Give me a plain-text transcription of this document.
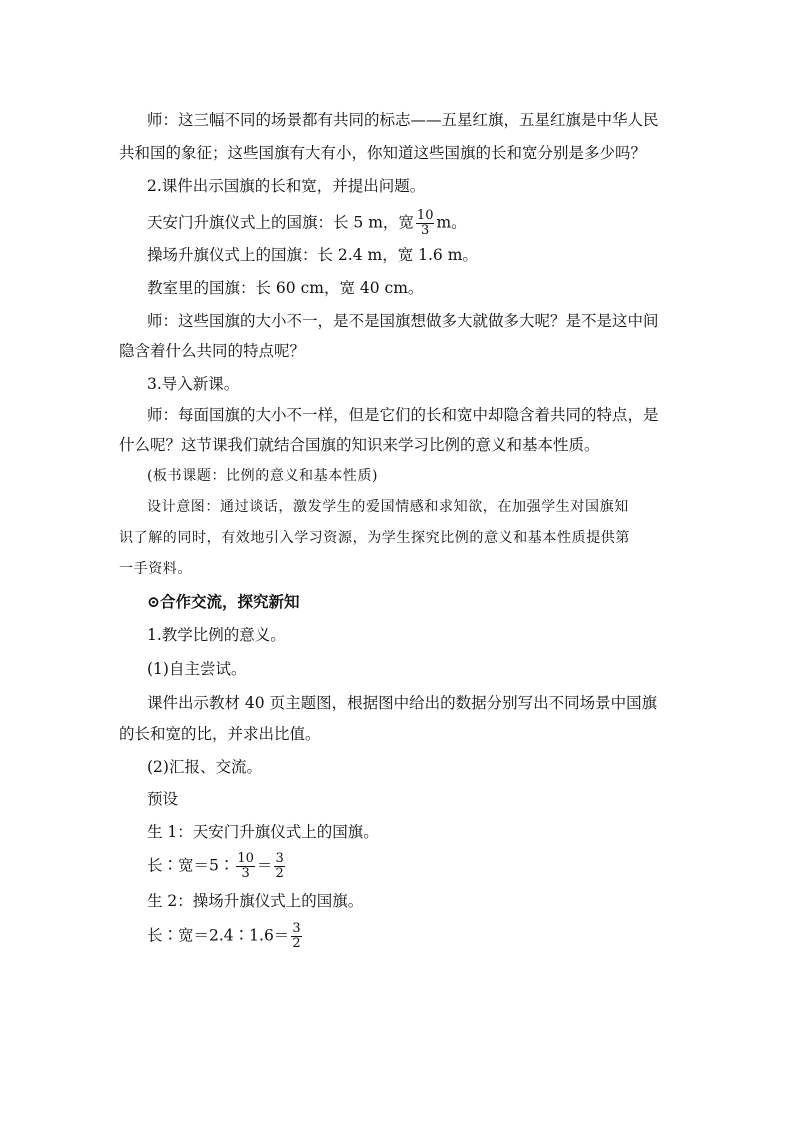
师：这三幅不同的场景都有共同的标志——五星红旗，五星红旗是中华人民
共和国的象征；这些国旗有大有小，你知道这些国旗的长和宽分别是多少吗？
2.课件出示国旗的长和宽，并提出问题。
天安门升旗仪式上的国旗：长 5 m，宽 $\frac{10}{3}$ m。
操场升旗仪式上的国旗：长 2.4 m，宽 1.6 m。
教室里的国旗：长 60 cm，宽 40 cm。
师：这些国旗的大小不一，是不是国旗想做多大就做多大呢？是不是这中间
隐含着什么共同的特点呢？
3.导入新课。
师：每面国旗的大小不一样，但是它们的长和宽中却隐含着共同的特点，是
什么呢？这节课我们就结合国旗的知识来学习比例的意义和基本性质。
(板书课题：比例的意义和基本性质)
设计意图：通过谈话，激发学生的爱国情感和求知欲，在加强学生对国旗知
识了解的同时，有效地引入学习资源，为学生探究比例的意义和基本性质提供第
一手资料。
⊙合作交流，探究新知
1.教学比例的意义。
(1)自主尝试。
课件出示教材 40 页主题图，根据图中给出的数据分别写出不同场景中国旗
的长和宽的比，并求出比值。
(2)汇报、交流。
预设
生 1：天安门升旗仪式上的国旗。
长∶宽＝5∶ $\frac{10}{3} = \frac{3}{2}$
生 2：操场升旗仪式上的国旗。
长∶宽＝2.4∶1.6＝ $\frac{3}{2}$
